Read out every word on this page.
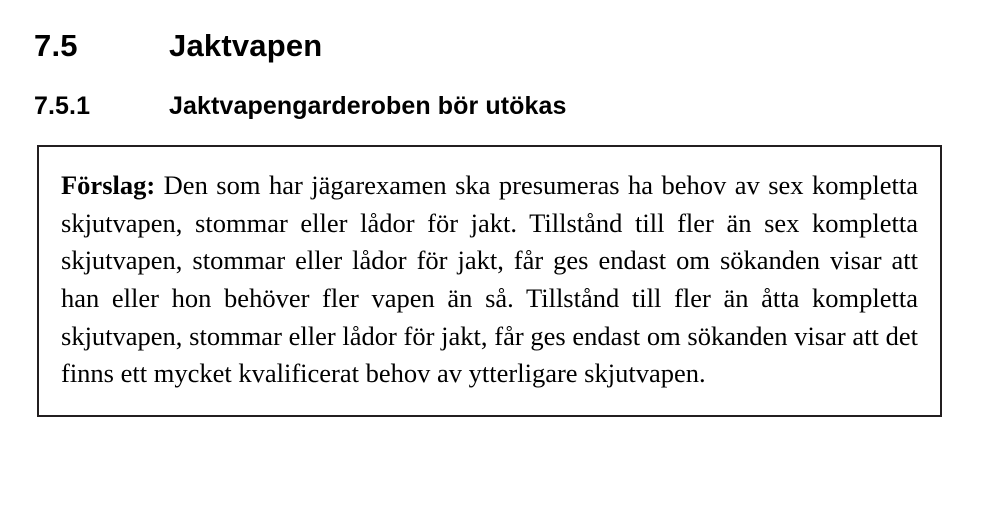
7.5	Jaktvapen
7.5.1	Jaktvapengarderoben bör utökas

Förslag: Den som har jägarexamen ska presumeras ha behov av sex kompletta skjutvapen, stommar eller lådor för jakt. Tillstånd till fler än sex kompletta skjutvapen, stommar eller lådor för jakt, får ges endast om sökanden visar att han eller hon behöver fler vapen än så. Tillstånd till fler än åtta kompletta skjutvapen, stommar eller lådor för jakt, får ges endast om sökanden visar att det finns ett mycket kvalificerat behov av ytterligare skjutvapen.
